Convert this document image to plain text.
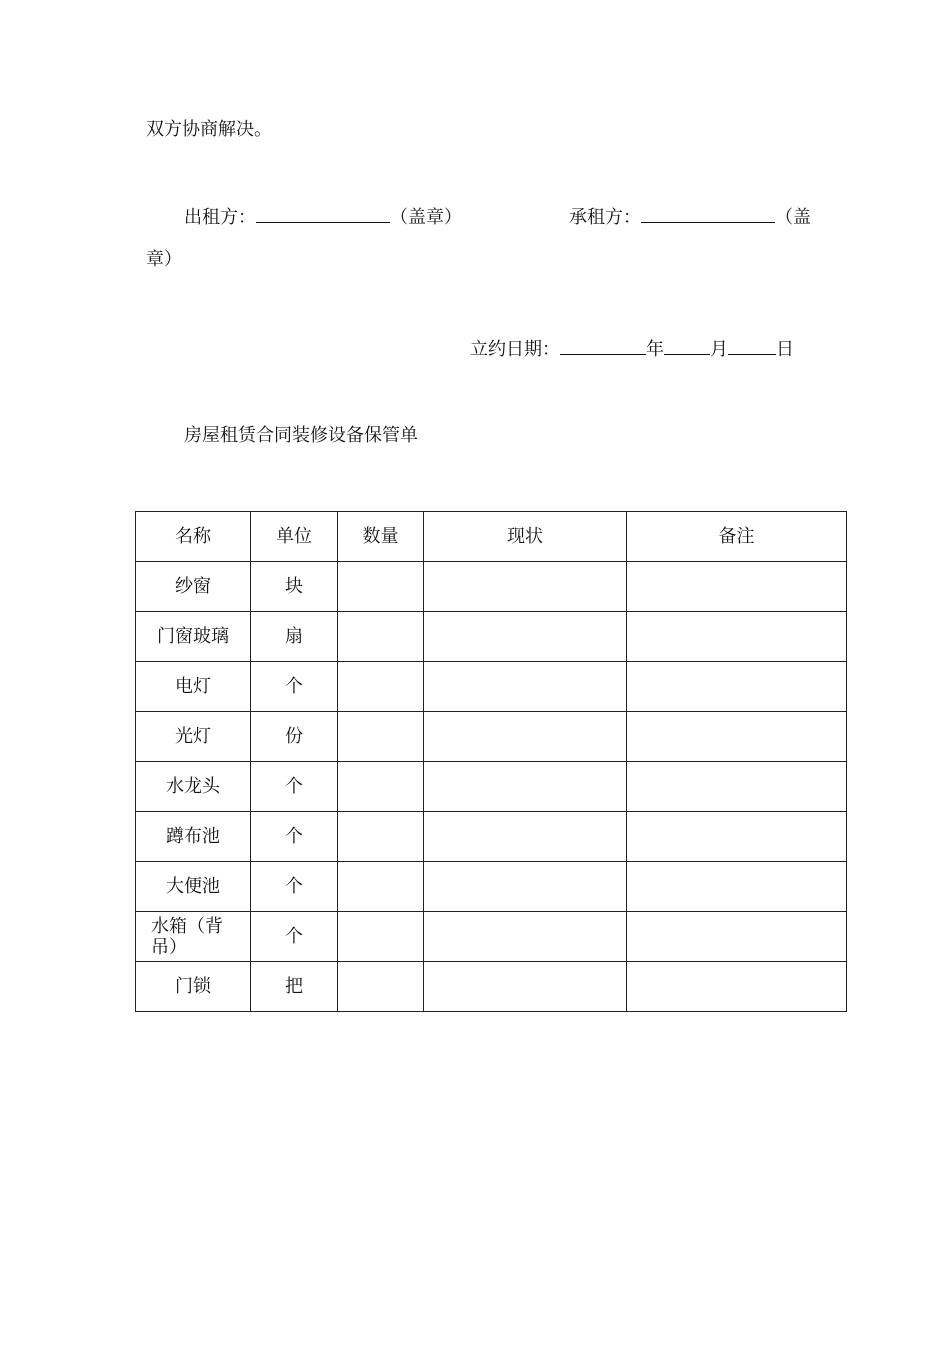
双方协商解决。
出租方：	（盖章）	承租方：	（盖
章）
立约日期：	年	月	日
房屋租赁合同装修设备保管单
名称	单位	数量	现状	备注
纱窗	块			
门窗玻璃	扇			
电灯	个			
光灯	份			
水龙头	个			
蹲布池	个			
大便池	个			
水箱（背吊）	个			
门锁	把			
